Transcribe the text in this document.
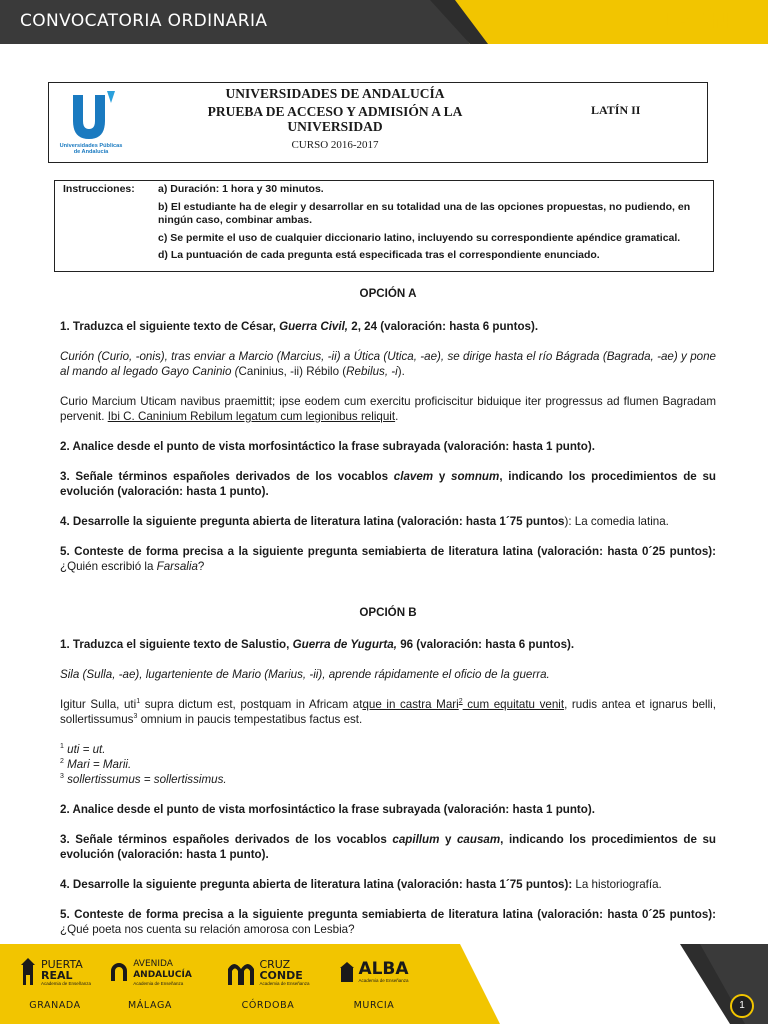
CONVOCATORIA ORDINARIA	LATÍN II
Universidades Públicas
de Andalucía
UNIVERSIDADES DE ANDALUCÍA
PRUEBA DE ACCESO Y ADMISIÓN A LA UNIVERSIDAD
CURSO 2016-2017
LATÍN II
Instrucciones: a) Duración: 1 hora y 30 minutos.
b) El estudiante ha de elegir y desarrollar en su totalidad una de las opciones propuestas, no pudiendo, en ningún caso, combinar ambas.
c) Se permite el uso de cualquier diccionario latino, incluyendo su correspondiente apéndice gramatical.
d) La puntuación de cada pregunta está especificada tras el correspondiente enunciado.
OPCIÓN A

1. Traduzca el siguiente texto de César, Guerra Civil, 2, 24 (valoración: hasta 6 puntos).

Curión (Curio, -onis), tras enviar a Marcio (Marcius, -ii) a Útica (Utica, -ae), se dirige hasta el río Bágrada (Bagrada, -ae) y pone al mando al legado Gayo Caninio (Caninius, -ii) Rébilo (Rebilus, -i).

Curio Marcium Uticam navibus praemittit; ipse eodem cum exercitu proficiscitur biduique iter progressus ad flumen Bagradam pervenit. Ibi C. Caninium Rebilum legatum cum legionibus reliquit.

2. Analice desde el punto de vista morfosintáctico la frase subrayada (valoración: hasta 1 punto).

3. Señale términos españoles derivados de los vocablos clavem y somnum, indicando los procedimientos de su evolución (valoración: hasta 1 punto).

4. Desarrolle la siguiente pregunta abierta de literatura latina (valoración: hasta 1´75 puntos): La comedia latina.

5. Conteste de forma precisa a la siguiente pregunta semiabierta de literatura latina (valoración: hasta 0´25 puntos): ¿Quién escribió la Farsalia?

OPCIÓN B

1. Traduzca el siguiente texto de Salustio, Guerra de Yugurta, 96 (valoración: hasta 6 puntos).

Sila (Sulla, -ae), lugarteniente de Mario (Marius, -ii), aprende rápidamente el oficio de la guerra.

Igitur Sulla, uti$^1$ supra dictum est, postquam in Africam atque in castra Mari$^2$ cum equitatu venit, rudis antea et ignarus belli, sollertissumus$^3$ omnium in paucis tempestatibus factus est.

$^1$ uti = ut.
$^2$ Mari = Marii.
$^3$ sollertissumus = sollertissimus.

2. Analice desde el punto de vista morfosintáctico la frase subrayada (valoración: hasta 1 punto).

3. Señale términos españoles derivados de los vocablos capillum y causam, indicando los procedimientos de su evolución (valoración: hasta 1 punto).

4. Desarrolle la siguiente pregunta abierta de literatura latina (valoración: hasta 1´75 puntos): La historiografía.

5. Conteste de forma precisa a la siguiente pregunta semiabierta de literatura latina (valoración: hasta 0´25 puntos): ¿Qué poeta nos cuenta su relación amorosa con Lesbia?

PUERTA
REAL
Academia de Enseñanza
GRANADA
AVENIDA
ANDALUCÍA
Academia de Enseñanza
MÁLAGA
CRUZ
CONDE
Academia de Enseñanza
CÓRDOBA
ALBA
Academia de Enseñanza
MURCIA	1
